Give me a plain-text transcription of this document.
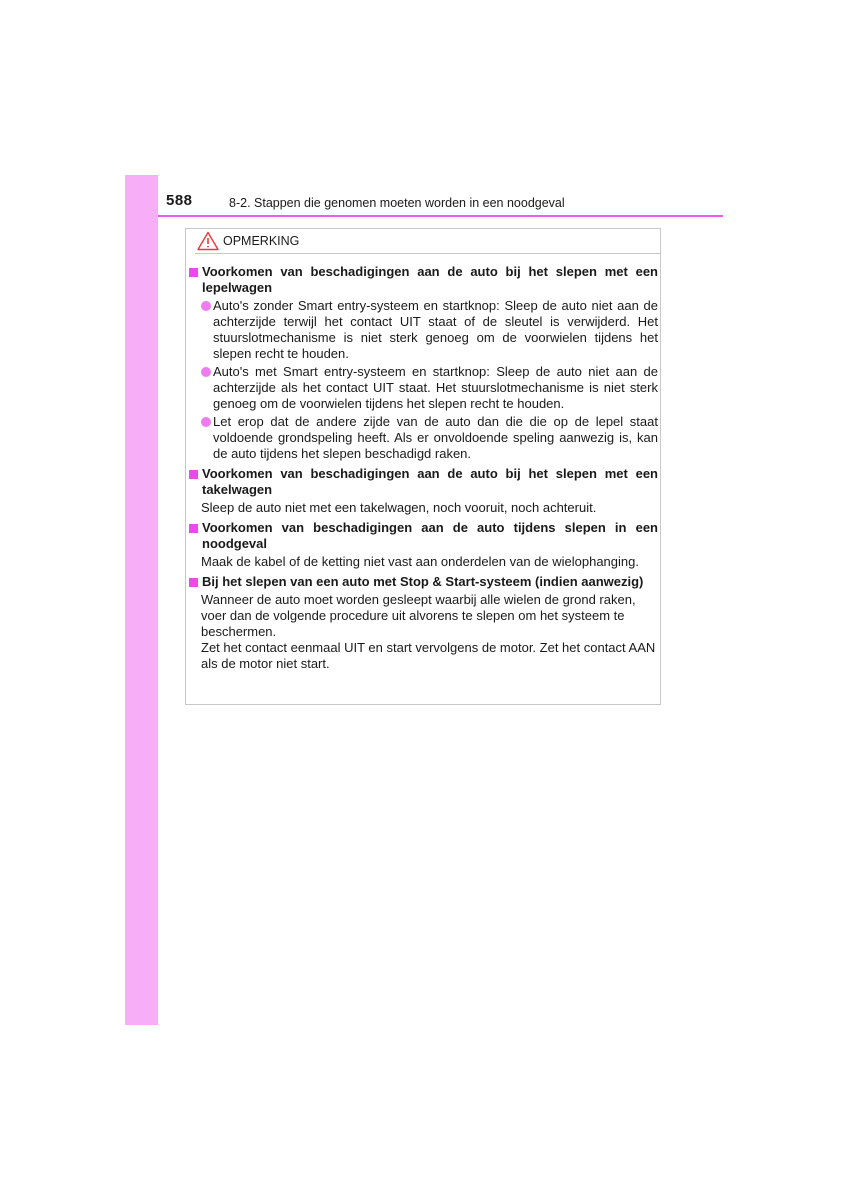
588	8-2. Stappen die genomen moeten worden in een noodgeval
OPMERKING
Voorkomen van beschadigingen aan de auto bij het slepen met een lepelwagen
Auto's zonder Smart entry-systeem en startknop: Sleep de auto niet aan de achterzijde terwijl het contact UIT staat of de sleutel is verwijderd. Het stuurslotmechanisme is niet sterk genoeg om de voorwielen tijdens het slepen recht te houden.
Auto's met Smart entry-systeem en startknop: Sleep de auto niet aan de achterzijde als het contact UIT staat. Het stuurslotmechanisme is niet sterk genoeg om de voorwielen tijdens het slepen recht te houden.
Let erop dat de andere zijde van de auto dan die die op de lepel staat voldoende grondspeling heeft. Als er onvoldoende speling aanwezig is, kan de auto tijdens het slepen beschadigd raken.
Voorkomen van beschadigingen aan de auto bij het slepen met een takelwagen
Sleep de auto niet met een takelwagen, noch vooruit, noch achteruit.
Voorkomen van beschadigingen aan de auto tijdens slepen in een noodgeval
Maak de kabel of de ketting niet vast aan onderdelen van de wielophanging.
Bij het slepen van een auto met Stop & Start-systeem (indien aanwezig)
Wanneer de auto moet worden gesleept waarbij alle wielen de grond raken, voer dan de volgende procedure uit alvorens te slepen om het systeem te beschermen.
Zet het contact eenmaal UIT en start vervolgens de motor. Zet het contact AAN als de motor niet start.
